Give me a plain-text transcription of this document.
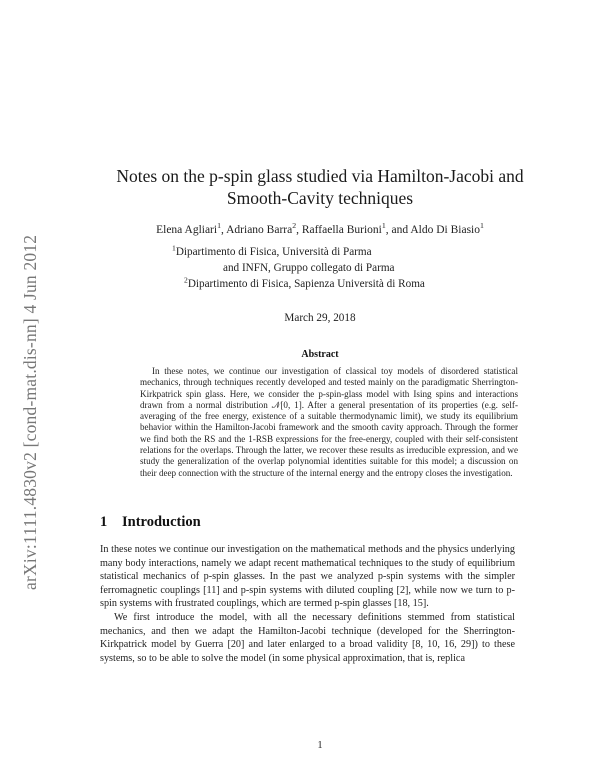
arXiv:1111.4830v2 [cond-mat.dis-nn] 4 Jun 2012
Notes on the p-spin glass studied via Hamilton-Jacobi and
Smooth-Cavity techniques
Elena Agliari$^1$, Adriano Barra$^2$, Raffaella Burioni$^1$, and Aldo Di Biasio$^1$
$^1$Dipartimento di Fisica, Università di Parma
and INFN, Gruppo collegato di Parma
$^2$Dipartimento di Fisica, Sapienza Università di Roma
March 29, 2018
Abstract
In these notes, we continue our investigation of classical toy models of disordered statistical mechanics, through techniques recently developed and tested mainly on the paradigmatic Sherrington-Kirkpatrick spin glass. Here, we consider the p-spin-glass model with Ising spins and interactions drawn from a normal distribution 𝒩[0, 1]. After a general presentation of its properties (e.g. self-averaging of the free energy, existence of a suitable thermodynamic limit), we study its equilibrium behavior within the Hamilton-Jacobi framework and the smooth cavity approach. Through the former we find both the RS and the 1-RSB expressions for the free-energy, coupled with their self-consistent relations for the overlaps. Through the latter, we recover these results as irreducible expression, and we study the generalization of the overlap polynomial identities suitable for this model; a discussion on their deep connection with the structure of the internal energy and the entropy closes the investigation.
1 Introduction
In these notes we continue our investigation on the mathematical methods and the physics underlying many body interactions, namely we adapt recent mathematical techniques to the study of equilibrium statistical mechanics of p-spin glasses. In the past we analyzed p-spin systems with the simpler ferromagnetic couplings [11] and p-spin systems with diluted coupling [2], while now we turn to p-spin systems with frustrated couplings, which are termed p-spin glasses [18, 15].
We first introduce the model, with all the necessary definitions stemmed from statistical mechanics, and then we adapt the Hamilton-Jacobi technique (developed for the Sherrington-Kirkpatrick model by Guerra [20] and later enlarged to a broad validity [8, 10, 16, 29]) to these systems, so to be able to solve the model (in some physical approximation, that is, replica
1
